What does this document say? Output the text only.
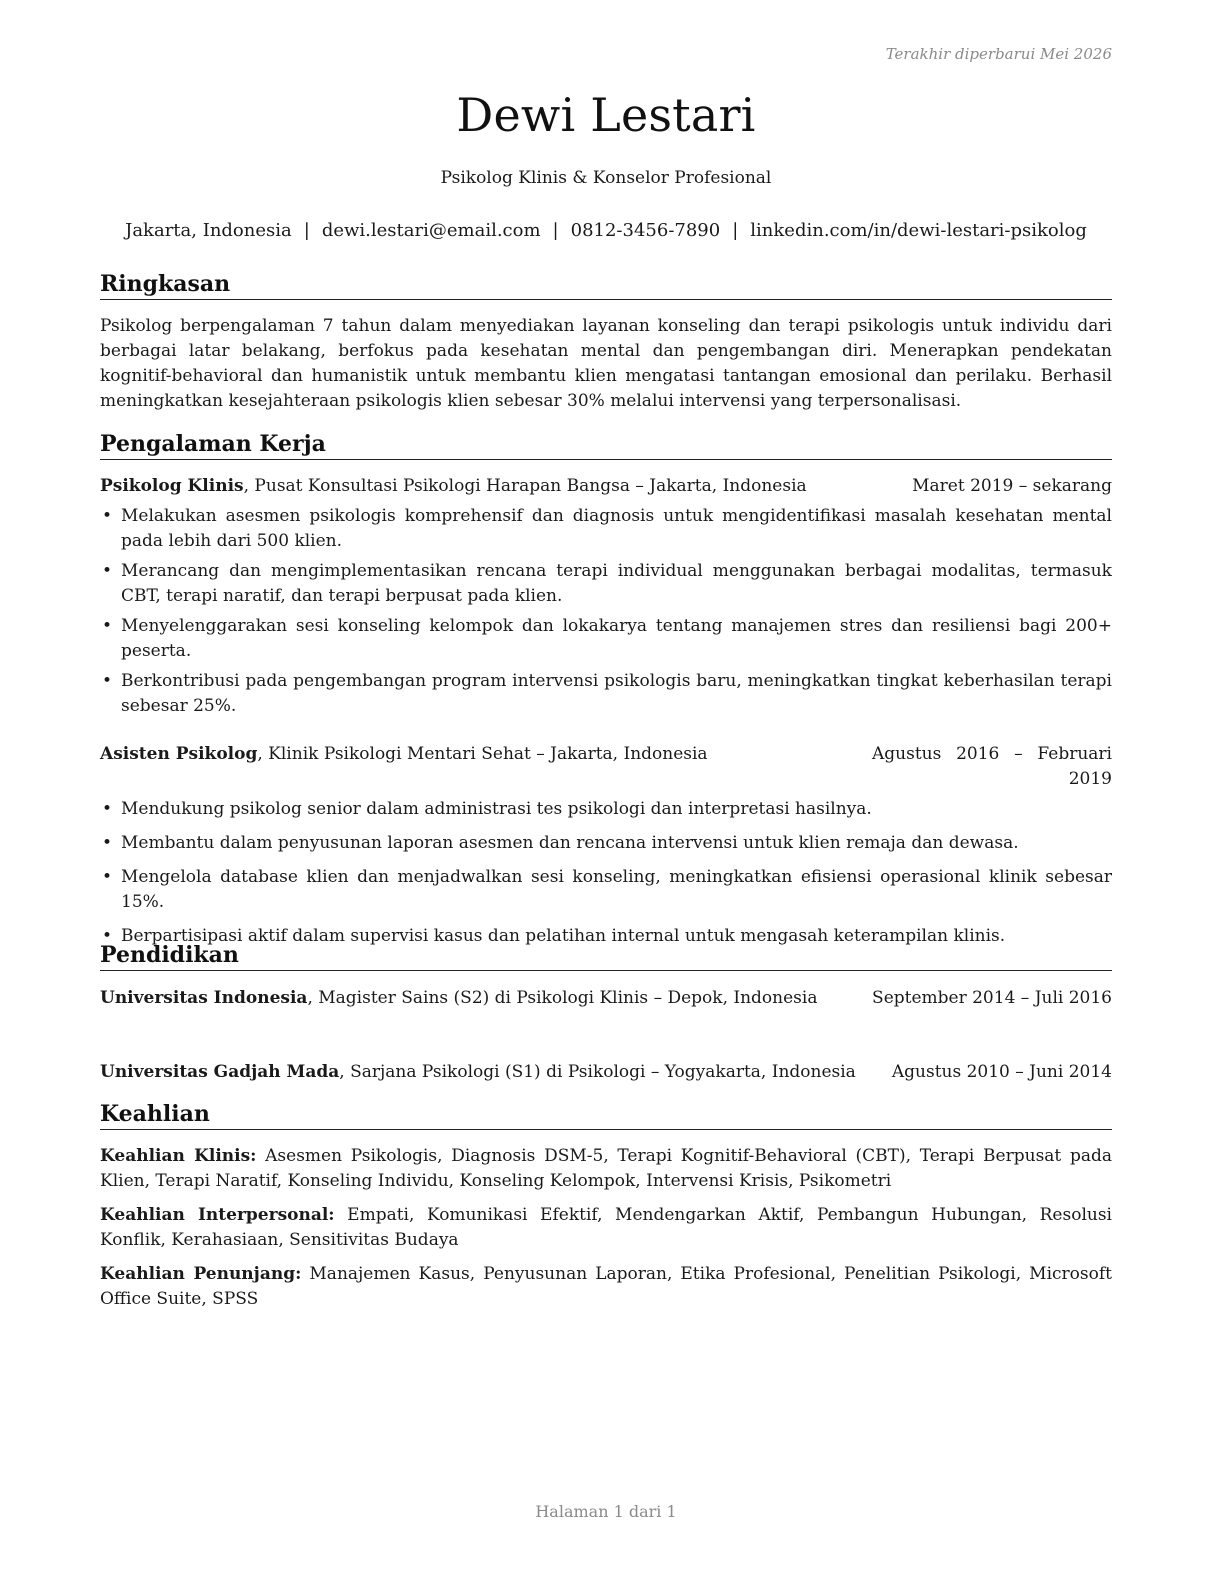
Terakhir diperbarui Mei 2026
Dewi Lestari
Psikolog Klinis & Konselor Profesional
Jakarta, Indonesia | dewi.lestari@email.com | 0812-3456-7890 | linkedin.com/in/dewi-lestari-psikolog
Ringkasan
Psikolog berpengalaman 7 tahun dalam menyediakan layanan konseling dan terapi psikologis untuk individu dari berbagai latar belakang, berfokus pada kesehatan mental dan pengembangan diri. Menerapkan pendekatan kognitif-behavioral dan humanistik untuk membantu klien mengatasi tantangan emosional dan perilaku. Berhasil meningkatkan kesejahteraan psikologis klien sebesar 30% melalui intervensi yang terpersonalisasi.
Pengalaman Kerja
Psikolog Klinis, Pusat Konsultasi Psikologi Harapan Bangsa – Jakarta, Indonesia	Maret 2019 – sekarang
• Melakukan asesmen psikologis komprehensif dan diagnosis untuk mengidentifikasi masalah kesehatan mental pada lebih dari 500 klien.
• Merancang dan mengimplementasikan rencana terapi individual menggunakan berbagai modalitas, termasuk CBT, terapi naratif, dan terapi berpusat pada klien.
• Menyelenggarakan sesi konseling kelompok dan lokakarya tentang manajemen stres dan resiliensi bagi 200+ peserta.
• Berkontribusi pada pengembangan program intervensi psikologis baru, meningkatkan tingkat keberhasilan terapi sebesar 25%.
Asisten Psikolog, Klinik Psikologi Mentari Sehat – Jakarta, Indonesia	Agustus 2016 – Februari 2019
• Mendukung psikolog senior dalam administrasi tes psikologi dan interpretasi hasilnya.
• Membantu dalam penyusunan laporan asesmen dan rencana intervensi untuk klien remaja dan dewasa.
• Mengelola database klien dan menjadwalkan sesi konseling, meningkatkan efisiensi operasional klinik sebesar 15%.
• Berpartisipasi aktif dalam supervisi kasus dan pelatihan internal untuk mengasah keterampilan klinis.
Pendidikan
Universitas Indonesia, Magister Sains (S2) di Psikologi Klinis – Depok, Indonesia	September 2014 – Juli 2016
Universitas Gadjah Mada, Sarjana Psikologi (S1) di Psikologi – Yogyakarta, Indonesia	Agustus 2010 – Juni 2014
Keahlian
Keahlian Klinis: Asesmen Psikologis, Diagnosis DSM-5, Terapi Kognitif-Behavioral (CBT), Terapi Berpusat pada Klien, Terapi Naratif, Konseling Individu, Konseling Kelompok, Intervensi Krisis, Psikometri
Keahlian Interpersonal: Empati, Komunikasi Efektif, Mendengarkan Aktif, Pembangun Hubungan, Resolusi Konflik, Kerahasiaan, Sensitivitas Budaya
Keahlian Penunjang: Manajemen Kasus, Penyusunan Laporan, Etika Profesional, Penelitian Psikologi, Microsoft Office Suite, SPSS
Halaman 1 dari 1
